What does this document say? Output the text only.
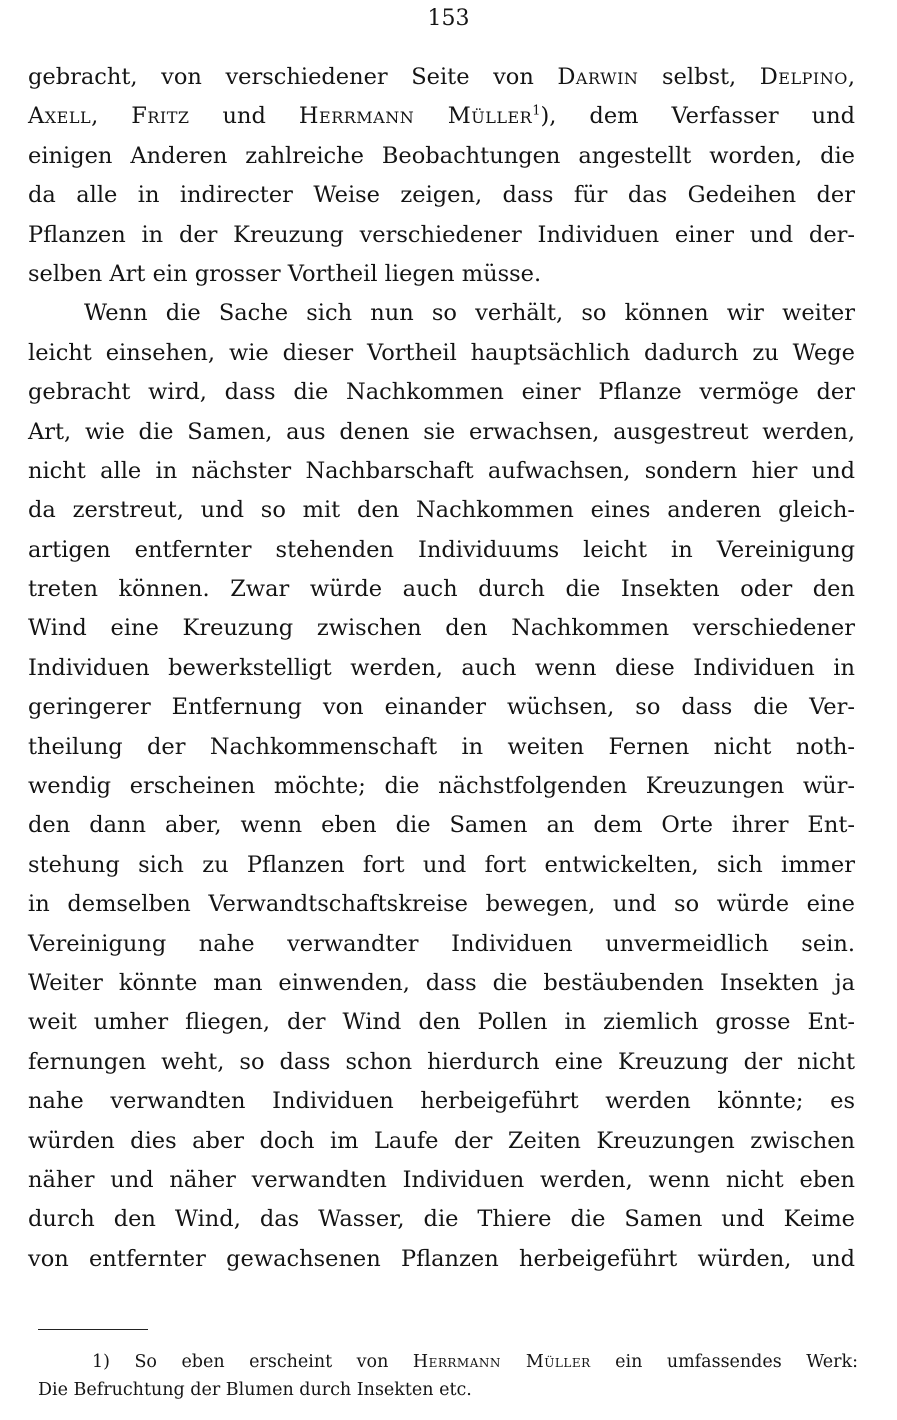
153
gebracht, von verschiedener Seite von Darwin selbst, Delpino,
Axell, Fritz und Herrmann Müller$^1$), dem Verfasser und
einigen Anderen zahlreiche Beobachtungen angestellt worden, die
da alle in indirecter Weise zeigen, dass für das Gedeihen der
Pflanzen in der Kreuzung verschiedener Individuen einer und der-
selben Art ein grosser Vortheil liegen müsse.
Wenn die Sache sich nun so verhält, so können wir weiter
leicht einsehen, wie dieser Vortheil hauptsächlich dadurch zu Wege
gebracht wird, dass die Nachkommen einer Pflanze vermöge der
Art, wie die Samen, aus denen sie erwachsen, ausgestreut werden,
nicht alle in nächster Nachbarschaft aufwachsen, sondern hier und
da zerstreut, und so mit den Nachkommen eines anderen gleich-
artigen entfernter stehenden Individuums leicht in Vereinigung
treten können. Zwar würde auch durch die Insekten oder den
Wind eine Kreuzung zwischen den Nachkommen verschiedener
Individuen bewerkstelligt werden, auch wenn diese Individuen in
geringerer Entfernung von einander wüchsen, so dass die Ver-
theilung der Nachkommenschaft in weiten Fernen nicht noth-
wendig erscheinen möchte; die nächstfolgenden Kreuzungen wür-
den dann aber, wenn eben die Samen an dem Orte ihrer Ent-
stehung sich zu Pflanzen fort und fort entwickelten, sich immer
in demselben Verwandtschaftskreise bewegen, und so würde eine
Vereinigung nahe verwandter Individuen unvermeidlich sein.
Weiter könnte man einwenden, dass die bestäubenden Insekten ja
weit umher fliegen, der Wind den Pollen in ziemlich grosse Ent-
fernungen weht, so dass schon hierdurch eine Kreuzung der nicht
nahe verwandten Individuen herbeigeführt werden könnte; es
würden dies aber doch im Laufe der Zeiten Kreuzungen zwischen
näher und näher verwandten Individuen werden, wenn nicht eben
durch den Wind, das Wasser, die Thiere die Samen und Keime
von entfernter gewachsenen Pflanzen herbeigeführt würden, und
1) So eben erscheint von Herrmann Müller ein umfassendes Werk:
Die Befruchtung der Blumen durch Insekten etc.
